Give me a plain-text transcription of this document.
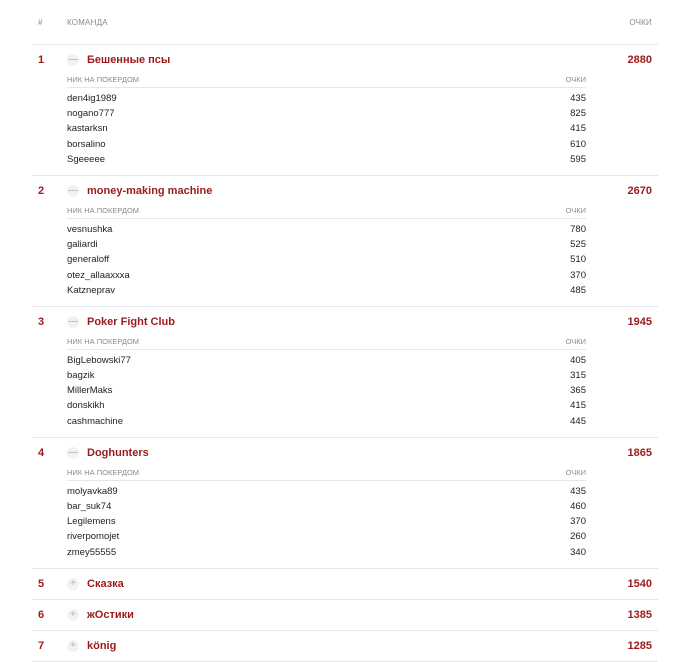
#	КОМАНДА	ОЧКИ
1	— Бешенные псы	2880
НИК НА ПОКЕРДОМ	ОЧКИ
den4ig1989	435
nogano777	825
kastarksn	415
borsalino	610
Sgeeeee	595
2	— money-making machine	2670
НИК НА ПОКЕРДОМ	ОЧКИ
vesnushka	780
galiardi	525
generaloff	510
otez_allaaxxxa	370
Katzneprav	485
3	— Poker Fight Club	1945
НИК НА ПОКЕРДОМ	ОЧКИ
BigLebowski77	405
bagzik	315
MillerMaks	365
donskikh	415
cashmachine	445
4	— Doghunters	1865
НИК НА ПОКЕРДОМ	ОЧКИ
molyavka89	435
bar_suk74	460
Legilemens	370
riverpomojet	260
zmey55555	340
5	+ Сказка	1540
6	+ жОстики	1385
7	+ könig	1285
